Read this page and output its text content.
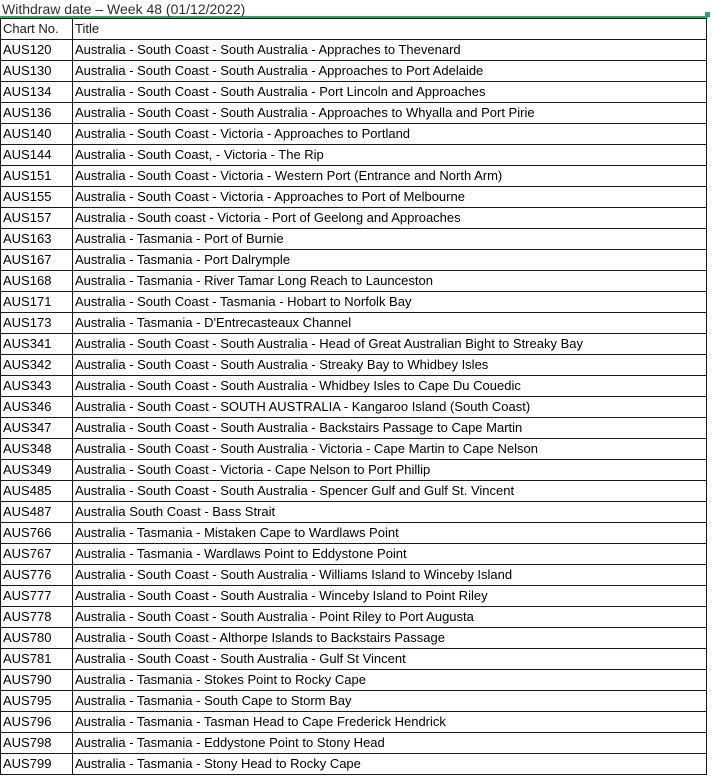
Withdraw date – Week 48 (01/12/2022)
Chart No.	Title
AUS120	Australia - South Coast - South Australia - Appraches to Thevenard
AUS130	Australia - South Coast - South Australia - Approaches to Port Adelaide
AUS134	Australia - South Coast - South Australia - Port Lincoln and Approaches
AUS136	Australia - South Coast - South Australia - Approaches to Whyalla and Port Pirie
AUS140	Australia - South Coast - Victoria - Approaches to Portland
AUS144	Australia - South Coast, - Victoria - The Rip
AUS151	Australia - South Coast - Victoria - Western Port (Entrance and North Arm)
AUS155	Australia - South Coast - Victoria - Approaches to Port of Melbourne
AUS157	Australia - South coast - Victoria - Port of Geelong and Approaches
AUS163	Australia - Tasmania - Port of Burnie
AUS167	Australia - Tasmania - Port Dalrymple
AUS168	Australia - Tasmania - River Tamar Long Reach to Launceston
AUS171	Australia - South Coast - Tasmania - Hobart to Norfolk Bay
AUS173	Australia - Tasmania - D'Entrecasteaux Channel
AUS341	Australia - South Coast - South Australia - Head of Great Australian Bight to Streaky Bay
AUS342	Australia - South Coast - South Australia - Streaky Bay to Whidbey Isles
AUS343	Australia - South Coast - South Australia - Whidbey Isles to Cape Du Couedic
AUS346	Australia - South Coast - SOUTH AUSTRALIA - Kangaroo Island (South Coast)
AUS347	Australia - South Coast - South Australia - Backstairs Passage to Cape Martin
AUS348	Australia - South Coast - South Australia - Victoria - Cape Martin to Cape Nelson
AUS349	Australia - South Coast - Victoria - Cape Nelson to Port Phillip
AUS485	Australia - South Coast - South Australia - Spencer Gulf and Gulf St. Vincent
AUS487	Australia South Coast - Bass Strait
AUS766	Australia - Tasmania - Mistaken Cape to Wardlaws Point
AUS767	Australia - Tasmania - Wardlaws Point to Eddystone Point
AUS776	Australia - South Coast - South Australia - Williams Island to Winceby Island
AUS777	Australia - South Coast - South Australia - Winceby Island to Point Riley
AUS778	Australia - South Coast - South Australia - Point Riley to Port Augusta
AUS780	Australia - South Coast - Althorpe Islands to Backstairs Passage
AUS781	Australia - South Coast - South Australia - Gulf St Vincent
AUS790	Australia - Tasmania - Stokes Point to Rocky Cape
AUS795	Australia - Tasmania - South Cape to Storm Bay
AUS796	Australia - Tasmania - Tasman Head to Cape Frederick Hendrick
AUS798	Australia - Tasmania - Eddystone Point to Stony Head
AUS799	Australia - Tasmania - Stony Head to Rocky Cape
